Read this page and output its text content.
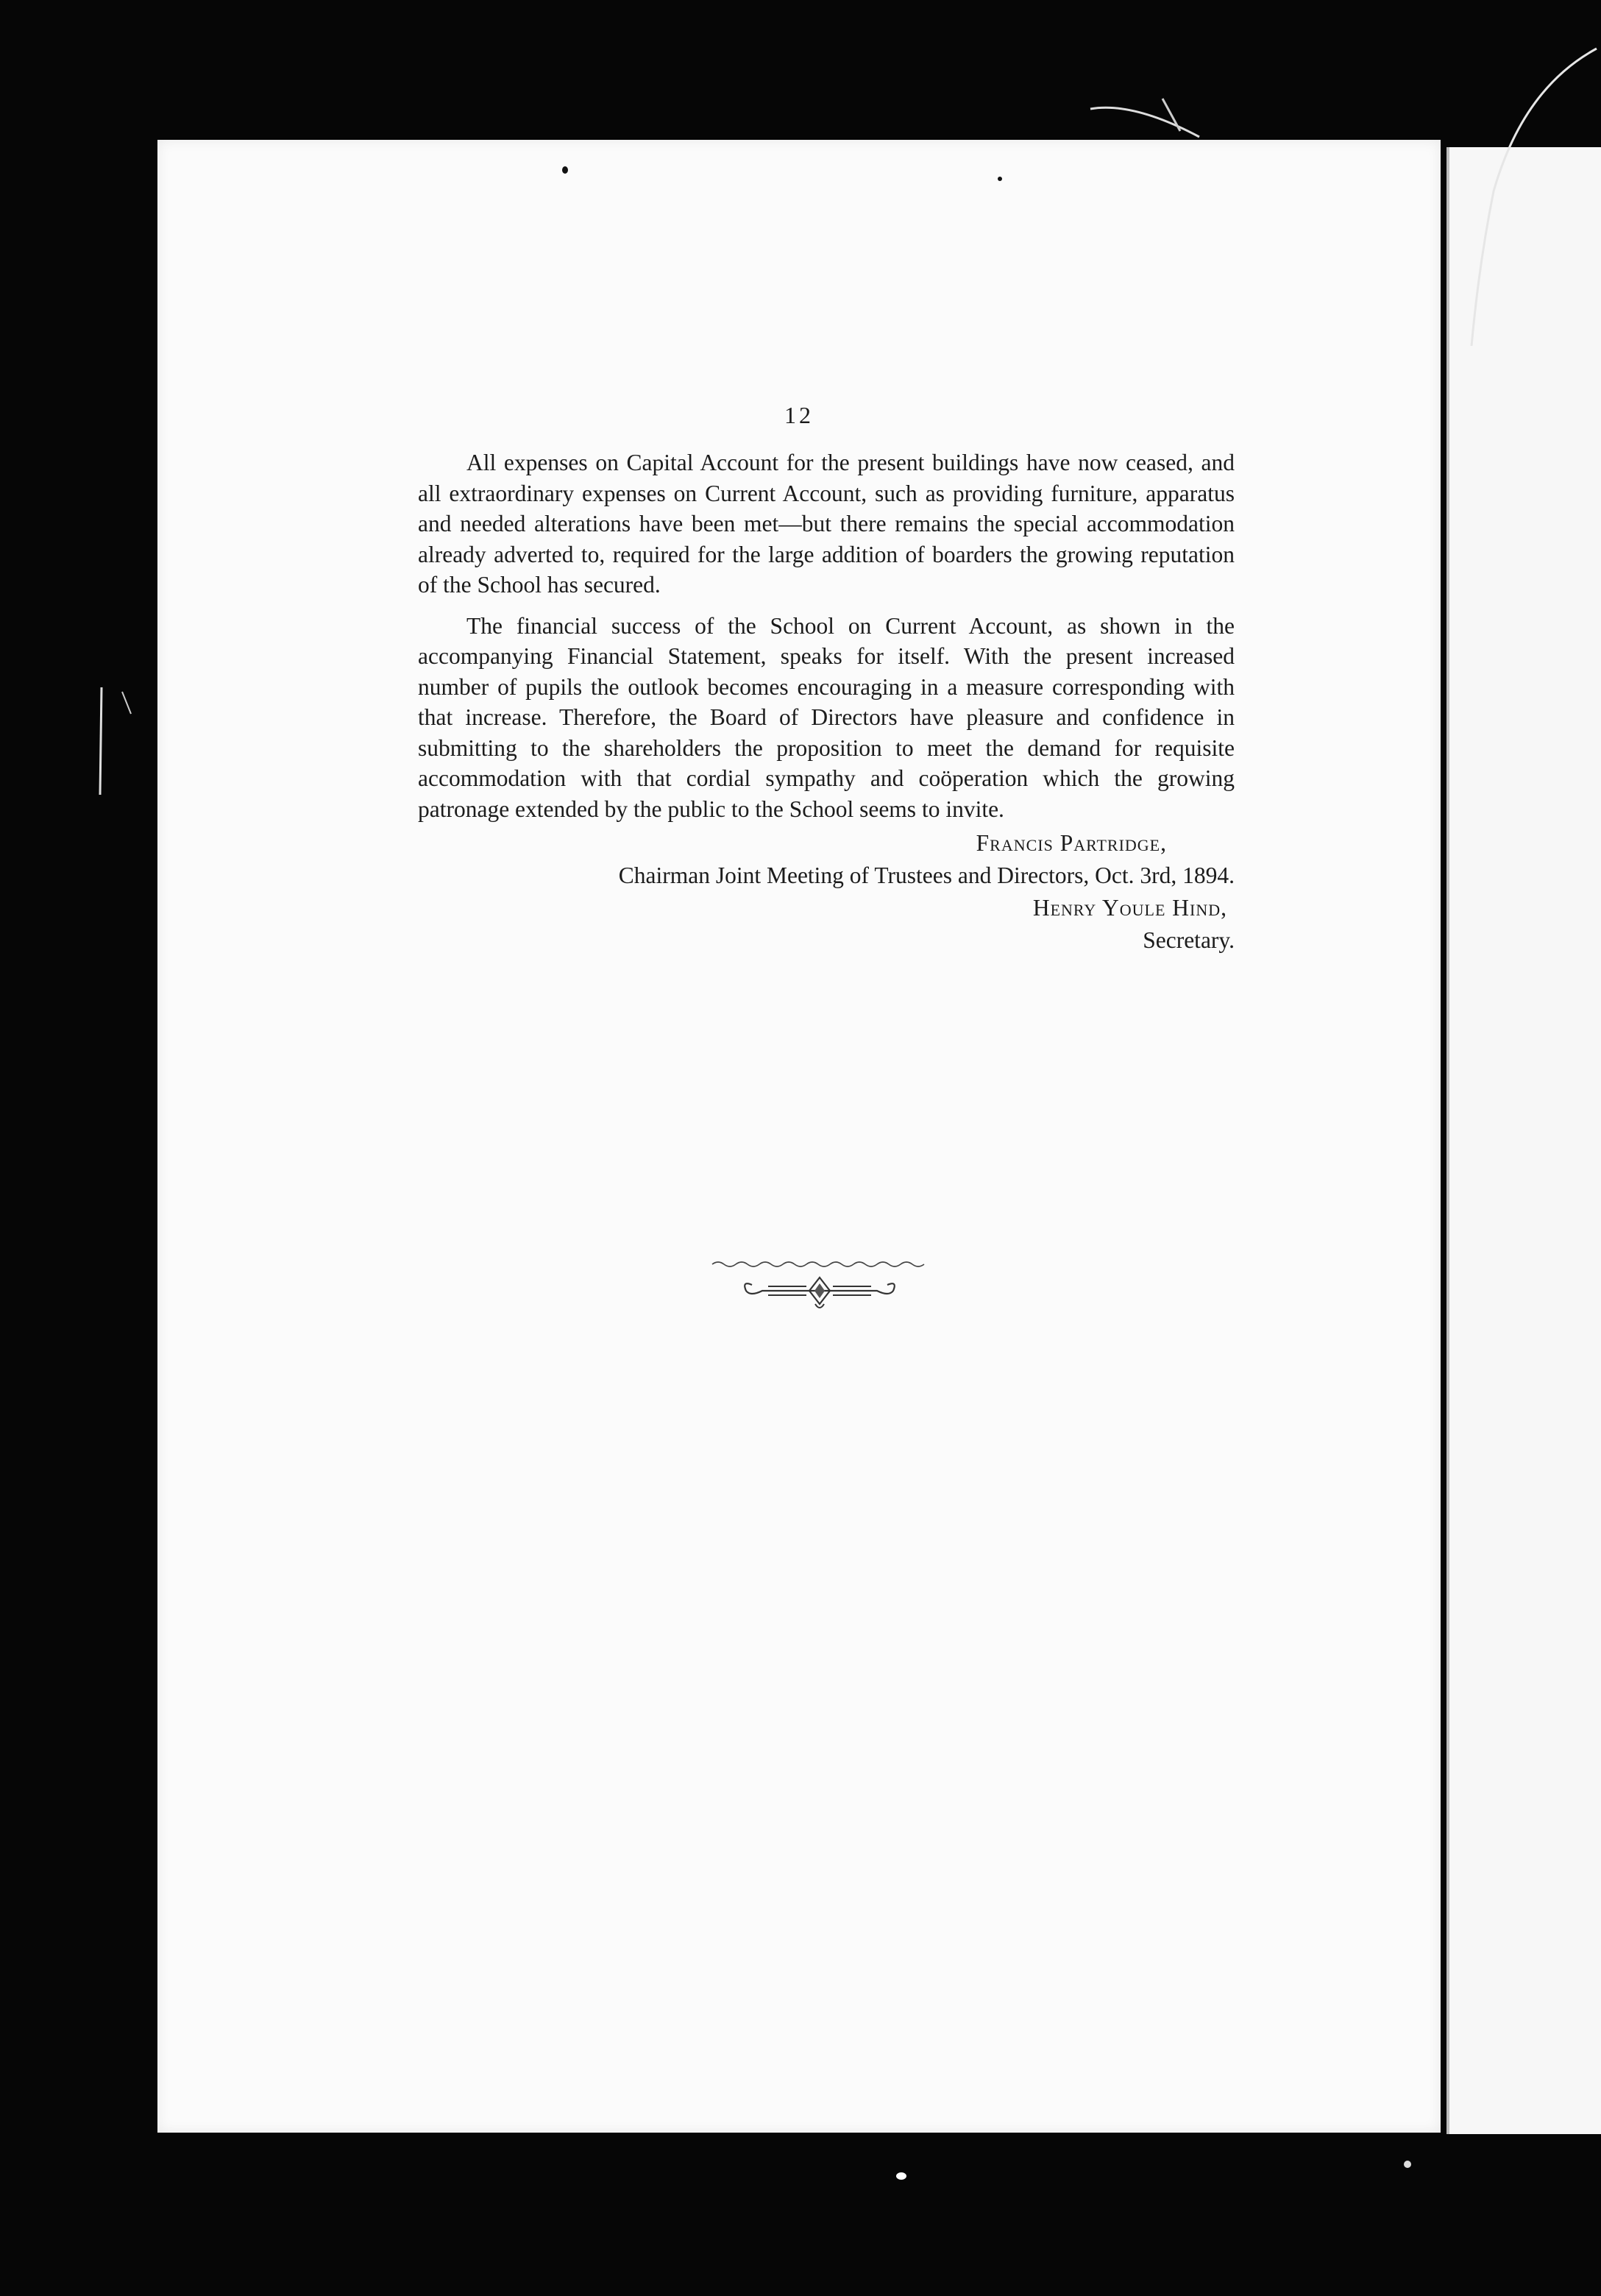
12

All expenses on Capital Account for the present buildings have now ceased, and all extraordinary expenses on Current Account, such as providing furniture, apparatus and needed alterations have been met—but there remains the special accommodation already adverted to, required for the large addition of boarders the growing reputation of the School has secured.

The financial success of the School on Current Account, as shown in the accompanying Financial Statement, speaks for itself. With the present increased number of pupils the outlook becomes encouraging in a measure corresponding with that increase. Therefore, the Board of Directors have pleasure and confidence in submitting to the shareholders the proposition to meet the demand for requisite accommodation with that cordial sympathy and coöperation which the growing patronage extended by the public to the School seems to invite.

Francis Partridge,

Chairman Joint Meeting of Trustees and Directors, Oct. 3rd, 1894.

Henry Youle Hind,

Secretary.
